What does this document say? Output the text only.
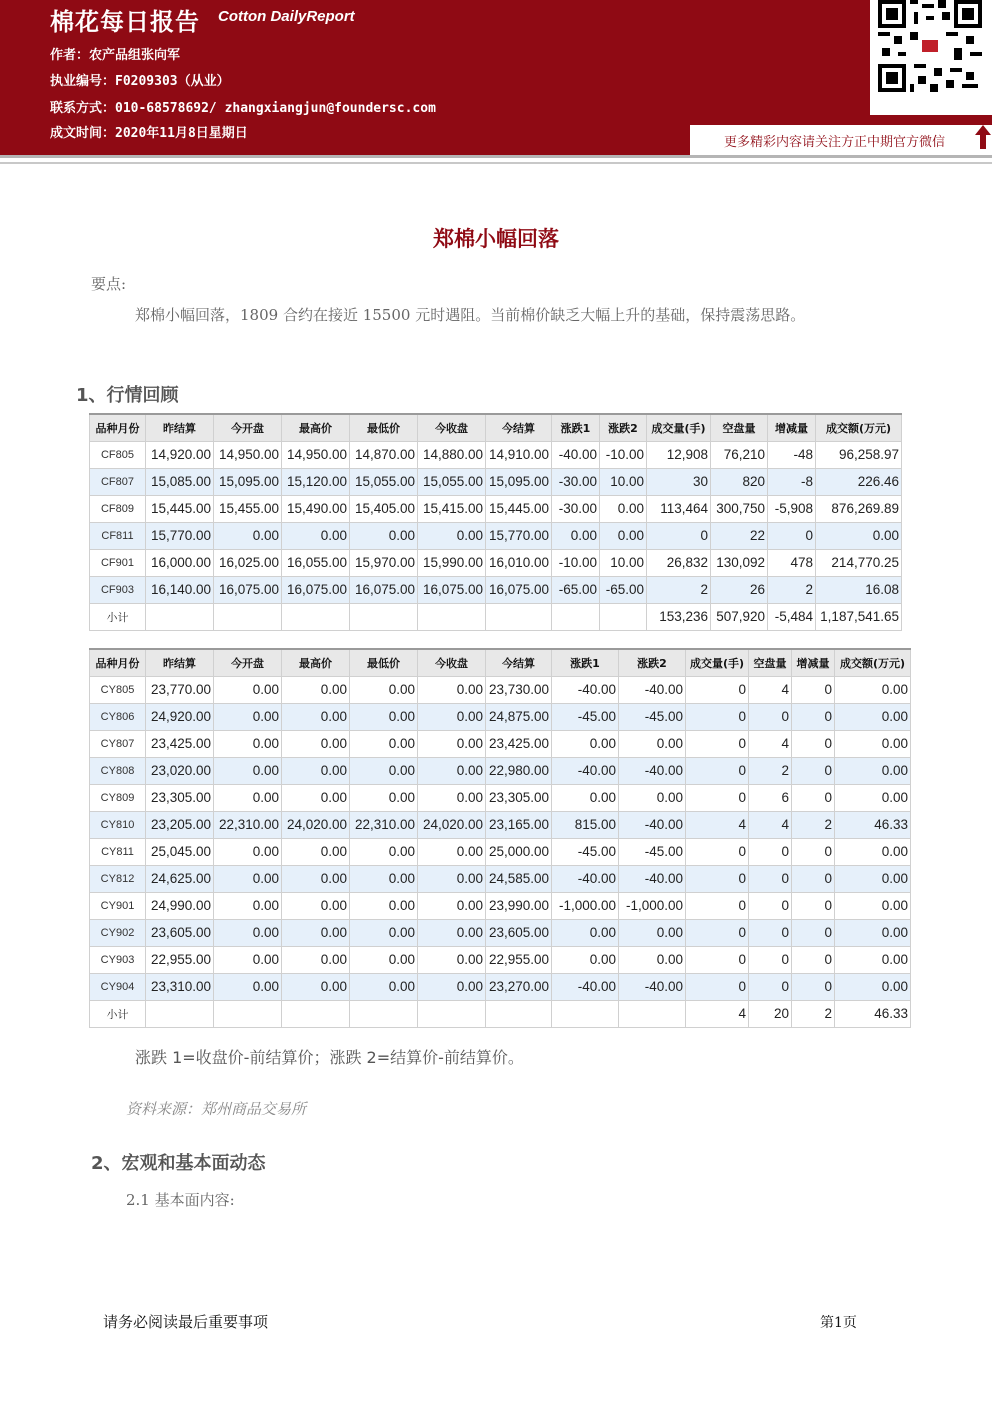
棉花每日报告 Cotton DailyReport
作者：农产品组张向军
执业编号：F0209303（从业）
联系方式：010-68578692/ zhangxiangjun@foundersc.com
成文时间：2020年11月8日星期日
更多精彩内容请关注方正中期官方微信
郑棉小幅回落
要点:
郑棉小幅回落，1809 合约在接近 15500 元时遇阻。当前棉价缺乏大幅上升的基础，保持震荡思路。
1、行情回顾
品种月份	昨结算	今开盘	最高价	最低价	今收盘	今结算	涨跌1	涨跌2	成交量(手)	空盘量	增减量	成交额(万元)
CF805	14,920.00	14,950.00	14,950.00	14,870.00	14,880.00	14,910.00	-40.00	-10.00	12,908	76,210	-48	96,258.97
CF807	15,085.00	15,095.00	15,120.00	15,055.00	15,055.00	15,095.00	-30.00	10.00	30	820	-8	226.46
CF809	15,445.00	15,455.00	15,490.00	15,405.00	15,415.00	15,445.00	-30.00	0.00	113,464	300,750	-5,908	876,269.89
CF811	15,770.00	0.00	0.00	0.00	0.00	15,770.00	0.00	0.00	0	22	0	0.00
CF901	16,000.00	16,025.00	16,055.00	15,970.00	15,990.00	16,010.00	-10.00	10.00	26,832	130,092	478	214,770.25
CF903	16,140.00	16,075.00	16,075.00	16,075.00	16,075.00	16,075.00	-65.00	-65.00	2	26	2	16.08
小计									153,236	507,920	-5,484	1,187,541.65
品种月份	昨结算	今开盘	最高价	最低价	今收盘	今结算	涨跌1	涨跌2	成交量(手)	空盘量	增减量	成交额(万元)
CY805	23,770.00	0.00	0.00	0.00	0.00	23,730.00	-40.00	-40.00	0	4	0	0.00
CY806	24,920.00	0.00	0.00	0.00	0.00	24,875.00	-45.00	-45.00	0	0	0	0.00
CY807	23,425.00	0.00	0.00	0.00	0.00	23,425.00	0.00	0.00	0	4	0	0.00
CY808	23,020.00	0.00	0.00	0.00	0.00	22,980.00	-40.00	-40.00	0	2	0	0.00
CY809	23,305.00	0.00	0.00	0.00	0.00	23,305.00	0.00	0.00	0	6	0	0.00
CY810	23,205.00	22,310.00	24,020.00	22,310.00	24,020.00	23,165.00	815.00	-40.00	4	4	2	46.33
CY811	25,045.00	0.00	0.00	0.00	0.00	25,000.00	-45.00	-45.00	0	0	0	0.00
CY812	24,625.00	0.00	0.00	0.00	0.00	24,585.00	-40.00	-40.00	0	0	0	0.00
CY901	24,990.00	0.00	0.00	0.00	0.00	23,990.00	-1,000.00	-1,000.00	0	0	0	0.00
CY902	23,605.00	0.00	0.00	0.00	0.00	23,605.00	0.00	0.00	0	0	0	0.00
CY903	22,955.00	0.00	0.00	0.00	0.00	22,955.00	0.00	0.00	0	0	0	0.00
CY904	23,310.00	0.00	0.00	0.00	0.00	23,270.00	-40.00	-40.00	0	0	0	0.00
小计									4	20	2	46.33
涨跌 1=收盘价-前结算价；涨跌 2=结算价-前结算价。
资料来源：郑州商品交易所
2、宏观和基本面动态
2.1 基本面内容:
请务必阅读最后重要事项	第1页
